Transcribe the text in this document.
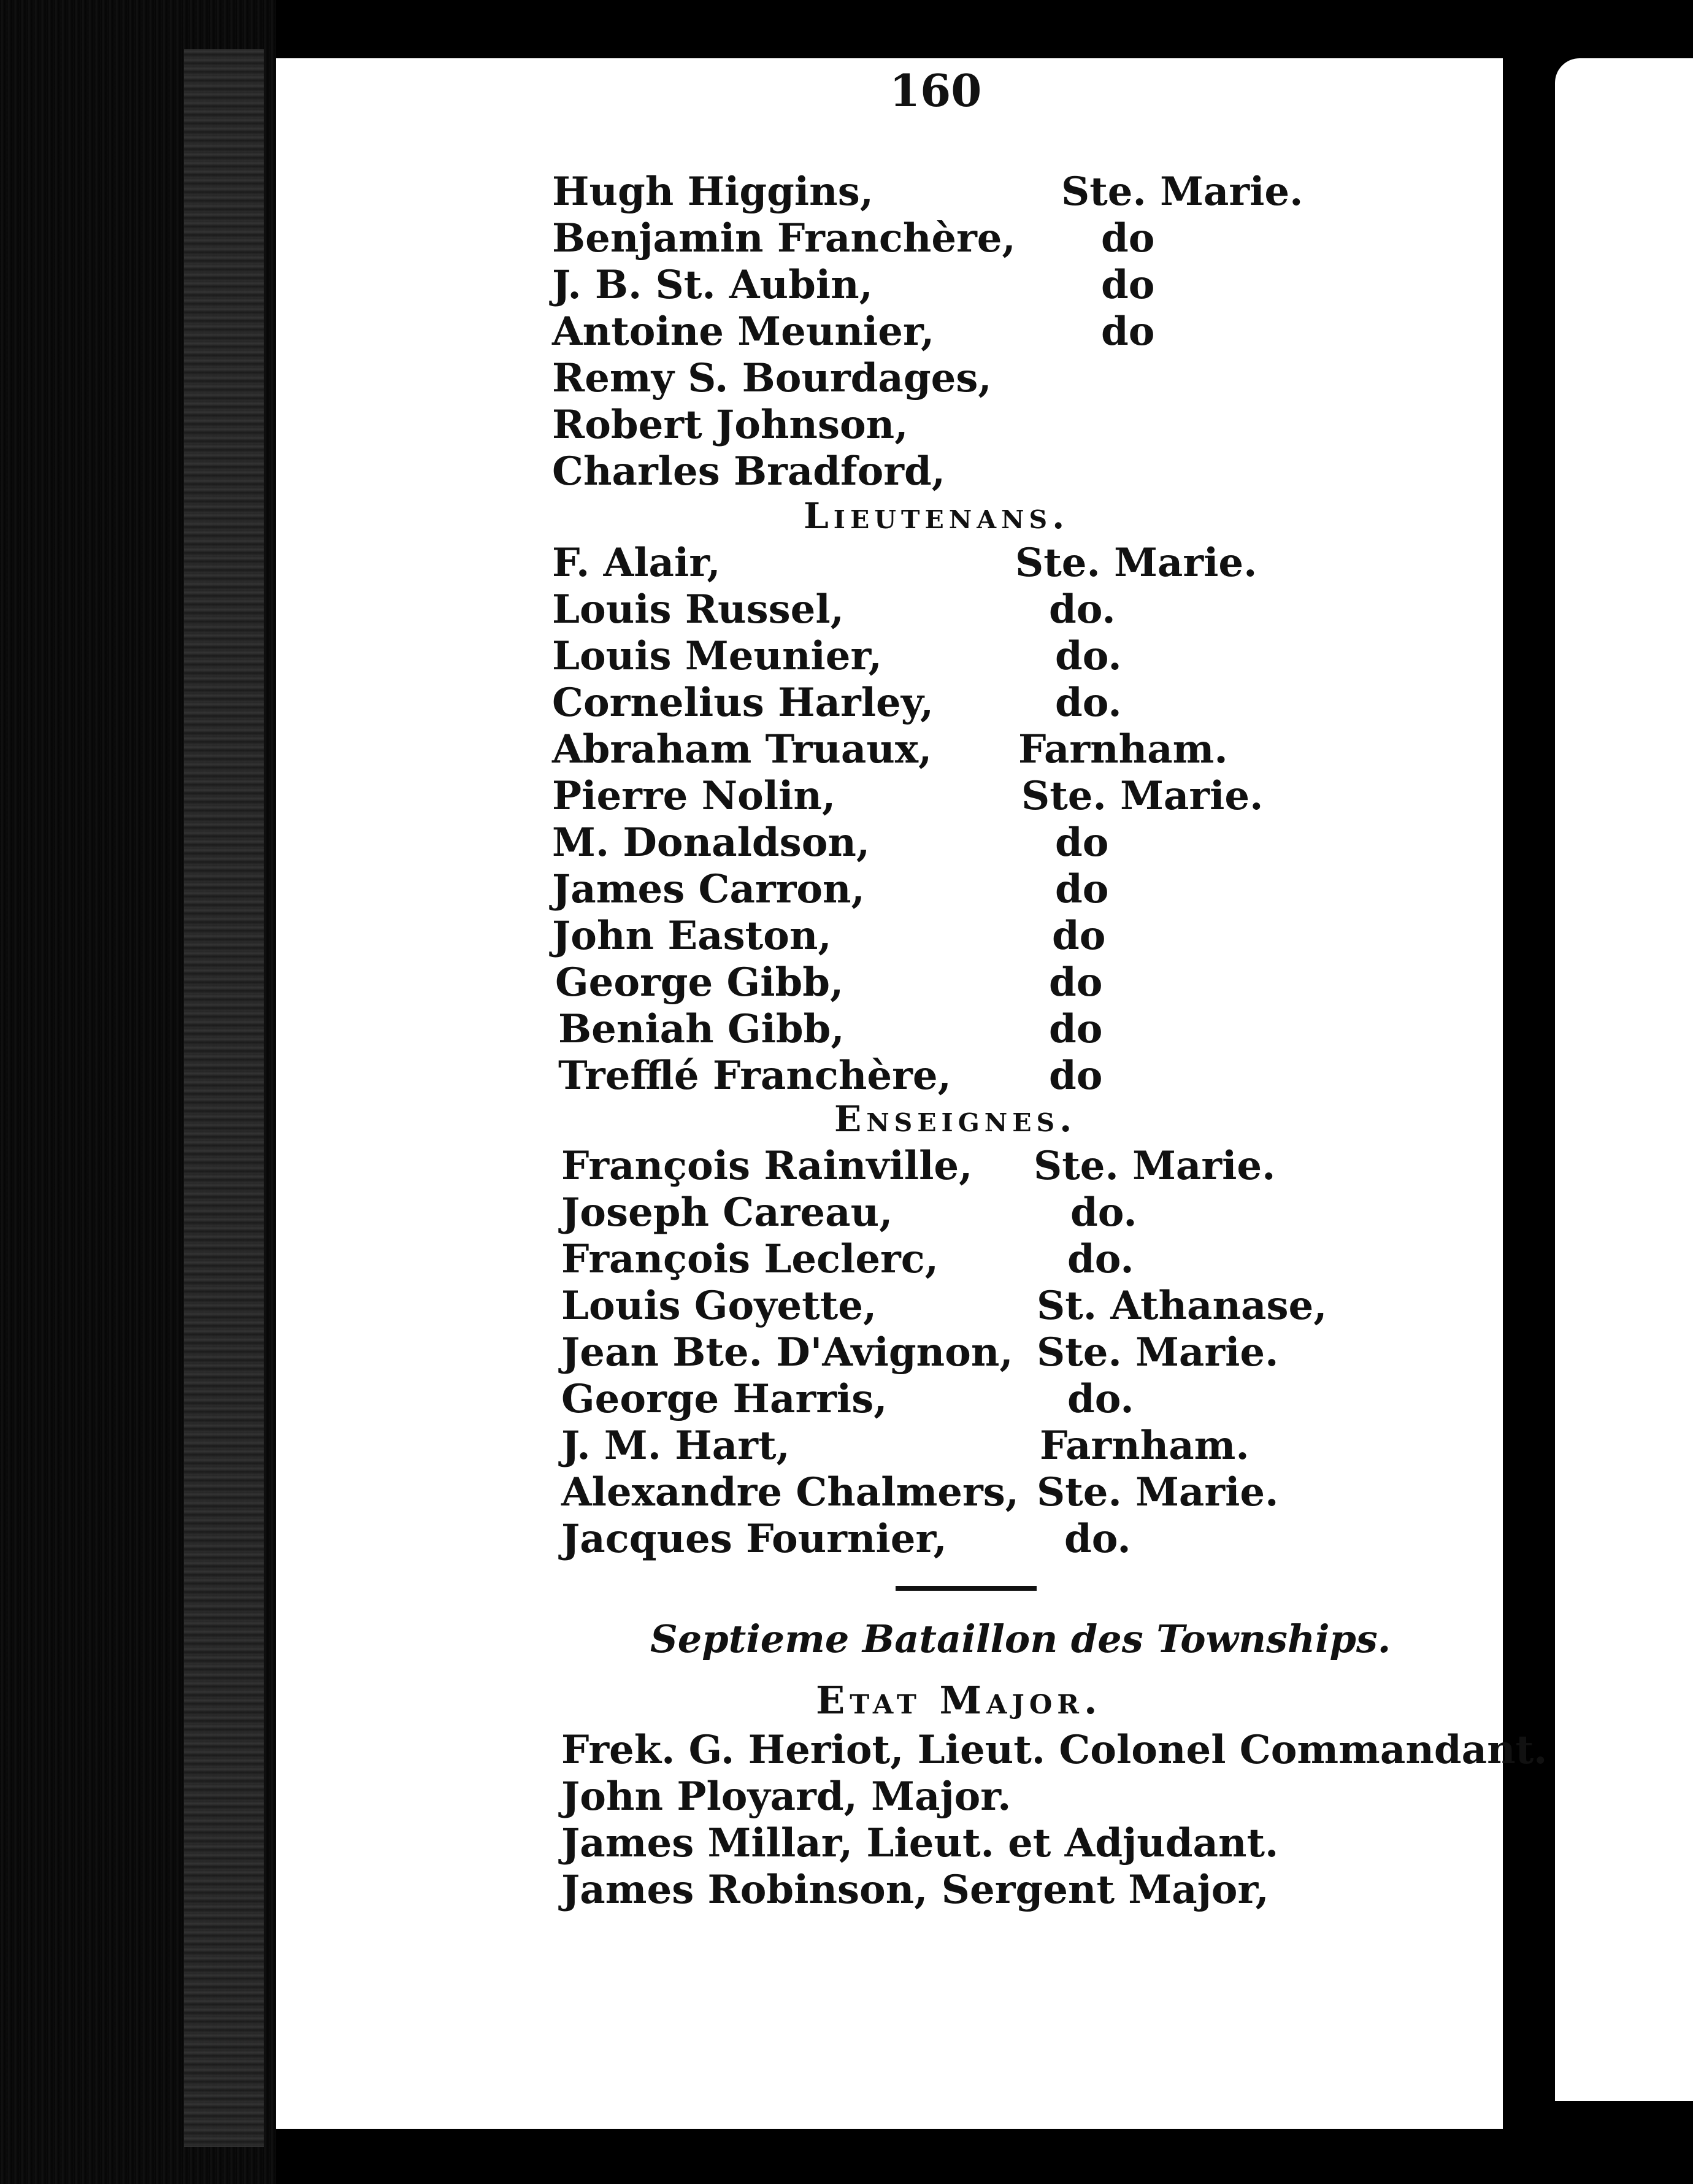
160
Hugh Higgins,	Ste. Marie.
Benjamin Franchère, do
J. B. St. Aubin,	do
Antoine Meunier,	do
Remy S. Bourdages,
Robert Johnson,
Charles Bradford,
Lieutenans.
F. Alair,	Ste. Marie.
Louis Russel,	do.
Louis Meunier,	do.
Cornelius Harley,	do.
Abraham Truaux, Farnham.
Pierre Nolin,	Ste. Marie.
M. Donaldson,	do
James Carron,	do
John Easton,	do
George Gibb,	do
Beniah Gibb,	do
Trefflé Franchère, do
Enseignes.
François Rainville, Ste. Marie.
Joseph Careau,	do.
François Leclerc,	do.
Louis Goyette,	St. Athanase,
Jean Bte. D'Avignon, Ste. Marie.
George Harris,	do.
J. M. Hart,	Farnham.
Alexandre Chalmers, Ste. Marie.
Jacques Fournier,	do.
Septieme Bataillon des Townships.
Etat Major.
Frek. G. Heriot, Lieut. Colonel Commandant.
John Ployard, Major.
James Millar, Lieut. et Adjudant.
James Robinson, Sergent Major,
